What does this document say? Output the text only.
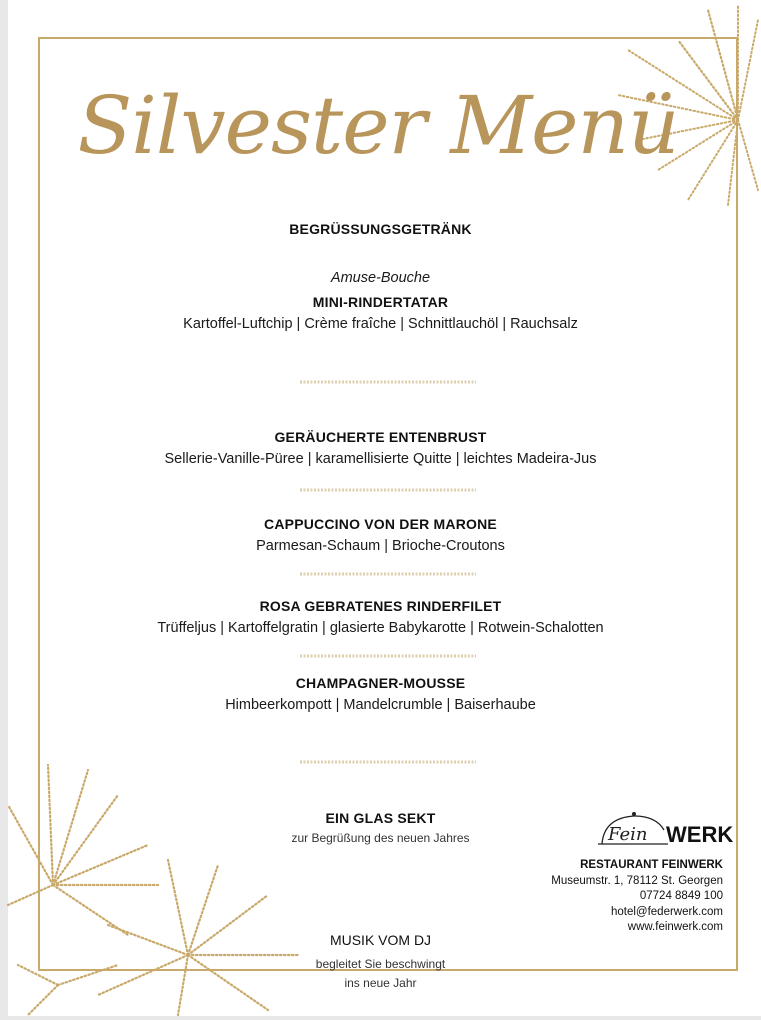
Silvester Menü
BEGRÜSSUNGSGETRÄNK
Amuse-Bouche
MINI-RINDERTATAR
Kartoffel-Luftchip | Crème fraîche | Schnittlauchöl | Rauchsalz
GERÄUCHERTE ENTENBRUST
Sellerie-Vanille-Püree | karamellisierte Quitte | leichtes Madeira-Jus
CAPPUCCINO VON DER MARONE
Parmesan-Schaum | Brioche-Croutons
ROSA GEBRATENES RINDERFILET
Trüffeljus | Kartoffelgratin | glasierte Babykarotte | Rotwein-Schalotten
CHAMPAGNER-MOUSSE
Himbeerkompott | Mandelcrumble | Baiserhaube
EIN GLAS SEKT
zur Begrüßung des neuen Jahres
MUSIK VOM DJ
begleitet Sie beschwingt
ins neue Jahr
Fein WERK
RESTAURANT FEINWERK
Museumstr. 1, 78112 St. Georgen
07724 8849 100
hotel@federwerk.com
www.feinwerk.com
